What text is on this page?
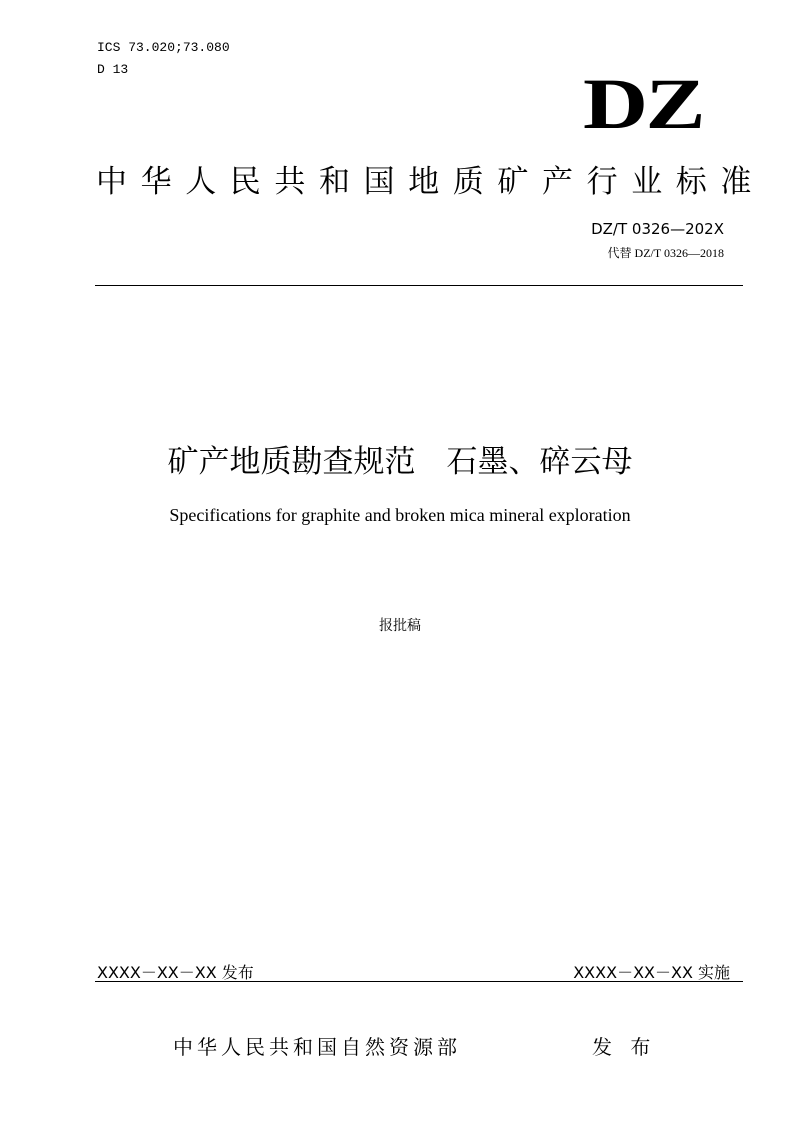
ICS 73.020;73.080
D 13	DZ
中华人民共和国地质矿产行业标准
DZ/T 0326—202X
代替 DZ/T 0326—2018
矿产地质勘查规范　石墨、碎云母
Specifications for graphite and broken mica mineral exploration
报批稿
XXXX－XX－XX 发布	XXXX－XX－XX 实施
中华人民共和国自然资源部	发 布
